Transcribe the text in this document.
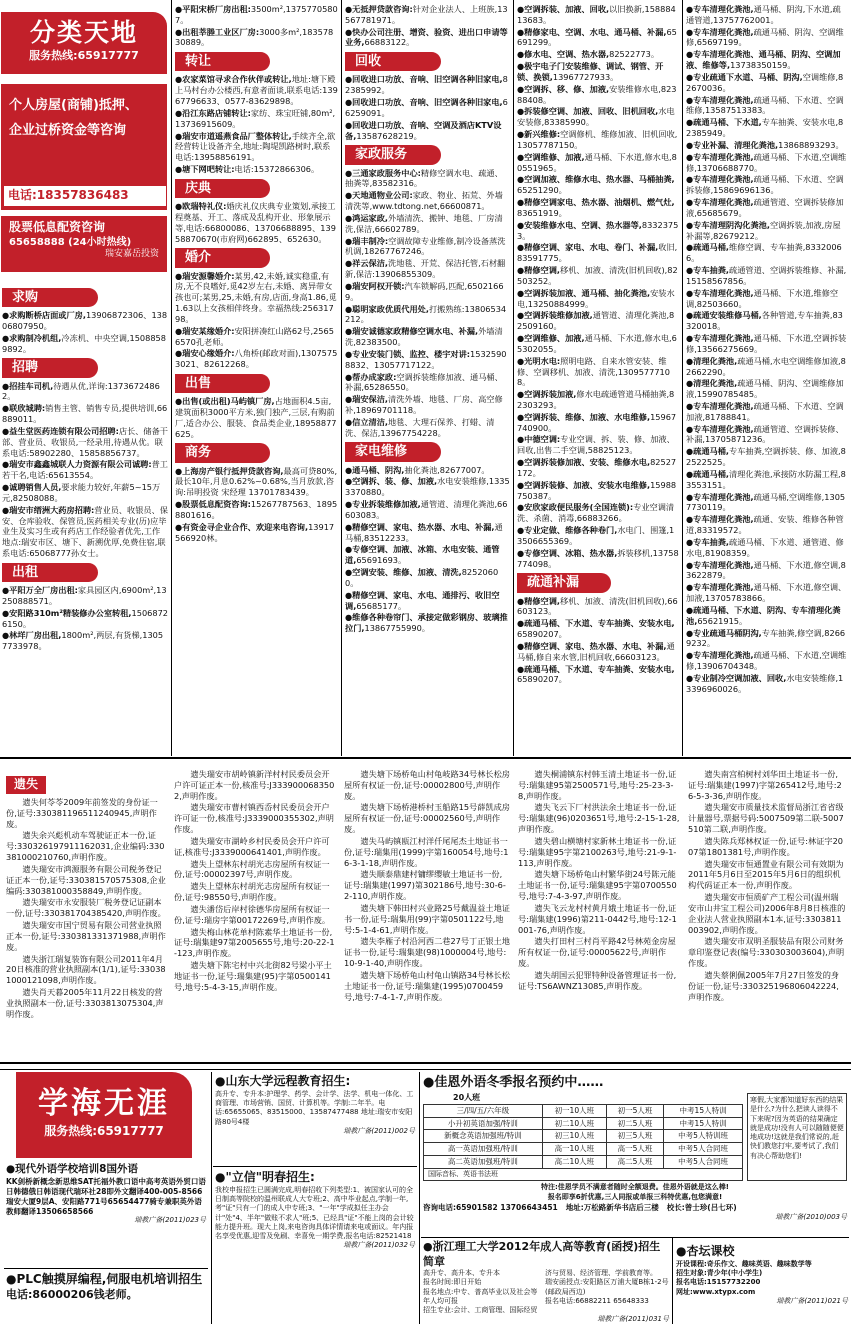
分类天地
服务热线:65917777
个人房屋(商铺)抵押、企业过桥资金等咨询
电话:18357836483
股票低息配资咨询
65658888 (24小时热线)
瑞安嘉岳投资
求购
●求购断桥店面或厂房,13906872306、13806807950。
●求购制冷机组,冷冻机、中央空调,15088589892。
招聘
●招挂车司机,待遇从优,详询:13736724862。
●联欣城聘:销售主管、销售专员,提供培训,66889011。
●益生堂医药连锁有限公司招聘:店长、储备干部、营业员、收银员,一经录用,待遇从优。联系电话:58902280、15858856737。
●瑞安市鑫鑫城联人力资源有限公司诚聘:普工若干名,电话:65613554。
●诚聘销售人员,要求能力较好,年薪5~15万元,82508088。
●瑞安市缙洲大药房招聘:营业员、收银员、保安、仓库验收、保管员,医药相关专业(历)应毕业生及实习生或有药店工作经验者优先,工作地点:瑞安市区、塘下、新溯优厚,免费住宿,联系电话:65068777孙女士。
出租
●平阳万全厂房出租:家具园区内,6900m²,13250888571。
●安阳路310m²精装修办公室转租,15068726150。
●林垟厂房出租,1800m²,两层,有货梯,13057733978。
●平阳宋桥厂房出租:3500m²,13757705807。
●出租莘塍工业区厂房:3000多m²,18357830889。
转让
●农家菜馆寻求合作伙伴或转让,地址:塘下殿上马村台办公楼西,有意者面谈,联系电话:13967796633、0577-83629898。
●沿江东路店铺转让:家纺、珠宝旺铺,80m²,13736915609。
●瑞安市道遥燕食品厂整体转让,手续齐全,欲经营转让设备齐全,地址:陶堤凯路树时,联系电话:13958856191。
●塘下网吧转让:电话:15372866306。
庆典
●欧瑞特礼仪:婚庆礼仪庆典专业策划,承接工程奠基、开工、落成及乱构开业、形象展示等,电话:66800086、13706688895、13958870670(市府网)662895、652630。
婚介
●瑞安源馨婚介:某男,42,未婚,诚实稳重,有房,无不良嗜好,觅42岁左右,未婚、离异带女孩也可;某男,25,未婚,有房,店面,身高1.86,觅1.63以上女孩相伴终身。幸福热线:25631798。
●瑞安某缘婚介:安阳拼凑红山路62号,25656570孔老师。
●瑞安心缘婚介:八角桥(邮政对面),13075753021、82612268。
出售
●出售(或出租)马屿镇厂房,占地面积4.5亩,建筑面积3000平方米,独门独产,三层,有购前厂,适合办公、服装、食品类企业,18958877625。
商务
●上海房产银行抵押贷款咨询,最高可贷80%,最长10年,月息0.62%~0.68%,当月放款,咨询:吊明投资 宋经理 13701783439。
●股票低息配资咨询:15267787563、18958801616。
●有资金寻企业合作、欢迎来电咨询,13917566920林。
●无抵押贷款咨询:针对企业法人、上班族,13567781971。
●快办公司注册、增资、验资、进出口申请等业务,66883122。
回收
●回收进口功放、音响、旧空调各种旧家电,82385992。
●回收进口功放、音响、旧空调各种旧家电,66259091。
●回收进口功放、音响、空调及酒店KTV设备,13587628219。
家政服务
●三通家政服务中心:精修空调水电、疏通、抽粪等,83582316。
●天地通物业公司:家政、物业、拓荒、外墙清洗等,www.tdtong.net,66600871。
●鸿运家政,外墙清洗、搬钟、地毯、厂房清洗,保洁,66602789。
●瑞丰制冷:空调故障专业维修,制冷设备蒸洗机调,18267767246。
●祥云保洁,洗地毯、开荒、保洁托管,石材翻新,保洁:13906855309。
●瑞安阿权开锁:汽车锁解码,匹配,65021669。
●聪明家政优质代用处,打搬熟练:13806534212。
●瑞安诚德家政精修空调水电、补漏,外墙清洗,82383500。
●专业安装门锁、监控、楼宇对讲:15325908832、13057717122。
●帮办成家政:空调拆装维修加液、通马桶、补漏,65286550。
●瑞安保洁,清洗外墙、地毯、厂房、高空修补,18969701118。
●信立清洁,地毯、大理石保养、打蜡、清洗、保洁,13967754228。
家电维修
●通马桶、阴沟,抽化粪池,82677007。
●空调拆、装、修、加液,水电安装维修,13353370880。
●专业拆装维修加液,通管道、清理化粪池,66603083。
●精修空调、家电、热水器、水电、补漏,通马桶,83512233。
●专修空调、加液、冰箱、水电安装、通管道,65691693。
●空调安装、维修、加液、清洗,82520600。
●精修空调、家电、水电、通排污、收旧空调,65685177。
●维修各种卷帘门、承接定做彩钢房、玻璃推拉门,13867755990。
●空调拆装、加液、回收,以旧换新,15888413683。
●精修家电、空调、水电、通马桶、补漏,65691299。
●修水电、空调、热水器,82522773。
●极宇电子门安装维修、调试、钢管、开锁、换锁,13967727933。
●空调拆、移、修、加液,安装维修水电,82388408。
●拆装修空调、加液、回收、旧机回收,水电安装修,83385990。
●新兴维修:空调修机、维修加液、旧机回收,13057787150。
●空调维修、加液,通马桶、下水道,修水电,80551965。
●空调加液、维修水电、热水器、马桶抽粪,65251290。
●精修空调家电、热水器、油烟机、燃气灶,83651919。
●安装维修水电、空调、热水器等,83323753。
●精修空调、家电、水电、卷门、补漏,收旧,83591775。
●精修空调,移机、加液、清洗(旧机回收),82503252。
●空调拆装加液、通马桶、抽化粪池,安装水电,13250884999。
●空调拆装维修加液,通管道、清理化粪池,82509160。
●空调维修、加液,通马桶、下水道,修水电,65302055。
●光明水电:照明电路、自来水管安装、维修、空调移机、加液、清洗,13095777108。
●空调拆装加液,修水电疏通管道马桶抽粪,82303293。
●空调拆装、维修、加液、水电维修,15967740900。
●中德空调:专业空调、拆、装、修、加液、回收,出售二手空调,58825123。
●空调拆装修加液、安装、维修水电,82527172。
●空调拆装修、加液、安装水电维修,15988750387。
●安欣家政便民服务(全国连锁):专业空调清洗、杀菌、消毒,66883266。
●专业定做、维修各种卷门,水电门、围篷,13506655369。
●专修空调、冰箱、热水器,拆装移机,13758774098。
疏通补漏
●精修空调,移机、加液、清洗(旧机回收),66603123。
●疏通马桶、下水道、专车抽粪、安装水电,65890207。
●精修空调、家电、热水器、水电、补漏,通马桶,修自来水管,旧机回收,66603123。
●疏通马桶、下水道、专车抽粪、安装水电,65890207。
●专车清理化粪池,通马桶、阴沟,下水道,疏通管道,13757762001。
●专车清理化粪池,疏通马桶、阴沟、空调维修,65697199。
●专车清理化粪池、通马桶、阴沟、空调加液、维修等,13738350159。
●专业疏通下水道、马桶、阴沟,空调维修,82670036。
●专车清理化粪池,疏通马桶、下水道、空调维修,13587513383。
●疏通马桶、下水道,专车抽粪、安装水电,82385949。
●专业补漏、清理化粪池,13868893293。
●专车清理化粪池,疏通马桶、下水道,空调维修,13706688770。
●专车清理化粪池,疏通马桶、下水道、空调拆装修,15869696136。
●专车清理化粪池,疏通管道、空调拆装修加液,65685679。
●专车清理阴沟化粪池,空调拆装,加液,房屋补漏等,82679212。
●疏通马桶,维修空调、专车抽粪,83320066。
●专车抽粪,疏通管道、空调拆装维修、补漏,15158567856。
●专车清理化粪池,通马桶、下水道,维修空调,82503660。
●疏通安装维修马桶,各种管道,专车抽粪,83320018。
●专车清理化粪池,通马桶、下水道,空调拆装修,13566275669。
●清理化粪池,疏通马桶,水电空调维修加液,82662290。
●清理化粪池,疏通马桶、阴沟、空调维修加液,15990785485。
●专车清理化粪池,疏通马桶、下水道、空调加液,81788841。
●专车清理化粪池,疏通管道、空调拆装修、补漏,13705871236。
●疏通马桶,专车抽粪,空调拆装、修、加液,82522525。
●疏通马桶,清理化粪池,承接防水防漏工程,83553151。
●专车清理化粪池,疏通马桶,空调维修,13057730119。
●专车清理化粪池,疏通、安装、维修各种管道,83319572。
●专车抽粪,疏通马桶、下水道、通管道、修水电,81908359。
●专车清理化粪池,通马桶、下水道,修空调,83622879。
●专车清理化粪池,通马桶、下水道,修空调、加液,13705783866。
●疏通马桶、下水道、阴沟、专车清理化粪池,65621915。
●专业疏通马桶阴沟,专车抽粪,修空调,82669232。
●专车清理化粪池,疏通马桶、下水道,空调维修,13906704348。
●专业制冷空调加液、回收,水电安装维修,13396960026。
遗失

遗失何苓苓2009年前签发的身份证一份,证号:330381196511240945,声明作废。

遗失余兴彪机动车驾驶证正本一份,证号:330326197911162031,企业编码:330381000210760,声明作废。

遗失瑞安市鸿源服务有限公司税务登记证正本一份,证号:330381570575308,企业编码:330381000358849,声明作废。

遗失瑞安市永安服装厂税务登记证副本一份,证号:330381704385420,声明作废。

遗失瑞安市国宁贸易有限公司营业执照正本一份,证号:330381331371988,声明作废。

遗失浙江瑞复装饰有限公司2011年4月20日核准的营业执照副本(1/1),证号:330381000121098,声明作废。

遗失肖天暮2005年11月22日核发的营业执照副本一份,证号:330381307530​4,声明作废。

遗失瑞安市胡岭镇新洋村村民委员会开户许可证正本一份,核准号:J3339000683502,声明作废。

遗失瑞安市曹村镇西岙村民委员会开户许可证一份,核准号:J3339000355302,声明作废。

遗失瑞安市湖岭乡村民委员会开户许可证,核准号:J3339000641401,声明作废。

遗失上望林东村胡光志房屋所有权证一份,证号:00002397号,声明作废。

遗失上望林东村胡光志房屋所有权证一份,证号:98550号,声明作废。

遗失潘岱后岸村徐德华房屋所有权证一份,证号:瑞房字第00172269号,声明作废。

遗失梅山林花单村陈素华土地证书一份,证号:瑞集建97第2005655号,地号:20-22-1-123,声明作废。

遗失塘下陈宅村中兴北街82号梁小平土地证书一份,证号:瑞集建(95)字第0500141号,地号:5-4-3-15,声明作废。

遗失塘下场桥龟山村龟岐路34号林长松房屋所有权证一份,证号:00002800号,声明作废。

遗失塘下场桥港桥村玉船路15号薛凯成房屋所有权证一份,证号:00002560号,声明作废。

遗失马屿镇瓯江村洋仟尾尾杰土地证书一份,证号:瑞集用(1999)字第160054号,地号:16-3-1-18,声明作废。

遗失顺泰鼎建村镛缪缨敏土地证书一份,证号:瑞集建(1997)第302186号,地号:30-6-2-110,声明作废。

遗失塘下韩田村兴业路25号戴温益土地证书一份,证号:瑞集用(99)字第0501122号,地号:5-1-4-61,声明作废。

遗失李雁子村沿河西二巷27号丁正银土地证书一份,证号:瑞集建(98)1000004号,地号:10-9-1-40,声明作废。

遗失塘下场桥龟山村龟山镇路34号林长松土地证书一份,证号:瑞集建(1995)0700459号,地号:7-4-1-7,声明作废。

遗失桐浦镇东村韩玉清土地证书一份,证号:瑞集建95第2500571号,地号:25-23-3-8,声明作废。

遗失飞云下厂村洪法余土地证书一份,证号:瑞集建(96)0203651号,地号:2-15-1-28,声明作废。

遗失碧山横塘村家新林土地证书一份,证号:瑞集建95字第2100263号,地号:21-9-1-113,声明作废。

遗失塘下场桥龟山村繁华街24号陈元能土地证书一份,证号:瑞集建95字第0700550号,地号:7-4-3-97,声明作废。

遗失飞云龙村村黄月娥土地证书一份,证号:瑞集建(1996)第211-0442号,地号:12-1001-76,声明作废。

遗失打田村三村肖平路42号林苑金房屋所有权证一份,证号:00005622号,声明作废。

遗失胡国云犯罪特种设备管理证书一份,证号:TS6AWNZ13085,声明作废。

遗失南宫柏树村刘华田土地证书一份,证号:瑞集建(1997)字第265412号,地号:26-5-3-36,声明作废。

遗失瑞安市质量技术监督局浙江省省级计量器号,票据号码:5007509第二联-5007510第二联,声明作废。

遗失陈兵郑林权证一份,证号:林证字2007第1801381号,声明作废。

遗失瑞安市恒通置业有限公司有效期为2011年5月6日至2015年5月6日的组织机构代码证正本一份,声明作废。

遗失瑞安市恒质矿产工程公司(温州瑞安市山井宝工程公司)2006年8月8日核准的企业法人营业执照副本1本,证号:3303811003902,声明作废。

遗失瑞安市双明圣服装品有限公司财务章印鉴登记表(编号:330303003604),声明作废。

遗失蔡俐佩2005年7月27日签发的身份证一份,证号:330325196806042224,声明作废。

学海无涯
服务热线:65917777
●现代外语学校培训8国外语
KK剑桥新概念新思维SAT托福外教口语中高考英语外贸口语日韩德俄日韩语现代瑞环社28即外文翻译400-005-8566瑞安大厦9层A、安阳路771号65654477骑专兼职英外语教师翻译13506658566
瑞教广备(2011)023号
●PLC触摸屏编程,伺服电机培训招生
电话:86000206钱老师。
●山东大学远程教育招生:
高升专、专升本:护理学、药学、会计学、法学、机电一体化、工商管理、市场营销、国贸、计算机等。学制:二年半。电话:65655065、83515000、13587477488 地址:瑞安市安阳路80号4楼
瑞教广备(2011)002号
●"立信"明春招生:
我校申报招生已圆满完成,明春招收下列类型:1、被国家认可的全日制高等院校的温州联成人大专班;2、高中毕业起点,学制一年,考"证"只有一门的成人中专班;3、"一年"学成拟任主办会计"处"4、半年"做账不求人"班;5、已经具"证"不能上岗的会计较能力提升班。现大上岗,来电咨询具体详情请来电或面议。年内报名享受优惠,迎雪及免刷、幸喜免一期学费,报名电话:82521418
瑞教广备(2011)032号
●佳恩外语冬季报名预约中……
20人班
三/四/五/六年级	初一10人班	初一5人班	中考15人特训
小升初英语加强/特训	初二10人班	初二5人班	中考15人特训
新概念英语加强班/特训	初三10人班	初三5人班	中考5人特训班
高一英语加强班/特训	高一10人班	高一5人班	中考5人合同班
高二英语加强班/特训	高二10人班	高二5人班	中考5人合同班
国际音标、英语书法班
寒假,大家都知道好东西的结果是什么?为什么把读人读得不下来呢?因为英语的结果确定就是成功!没有人可以随随便便地成功!这就是我们常说的,赶快们教您打牢,要考试了,我们有决心帮助您们!
特注:佳恩学员不满意者随时全额退费。佳恩外语就是这么棒!
报名即享6折优惠,三人同报或单报三科特优惠,包您满意!
咨询电话:65901582 13706643451 地址:万松路新华书店后三楼 校长:曾士珍(吕七环)
瑞教广备(2010)003号
●浙江理工大学2012年成人高等教育(函授)招生简章
高升专、高升本、专升本
报名时间:即日开始
报名地点:中专、普高毕业以及社会等年人均可报
招生专业:会计、工商管理、国际经贸
济与贸易、经济管理、学前教育等。
瑞安函授点:安阳路区万浦大厦B栋1-2号(邮政局西边)
报名电话:66882211 65648333
瑞教广备(2011)031号
●杏坛课校
开设课程:奇乐作文、趣味英语、趣味数学等
招生对象:青少年(中小学生)
报名电话:15157732200
网址:www.xtypx.com
瑞教广备(2011)021号
